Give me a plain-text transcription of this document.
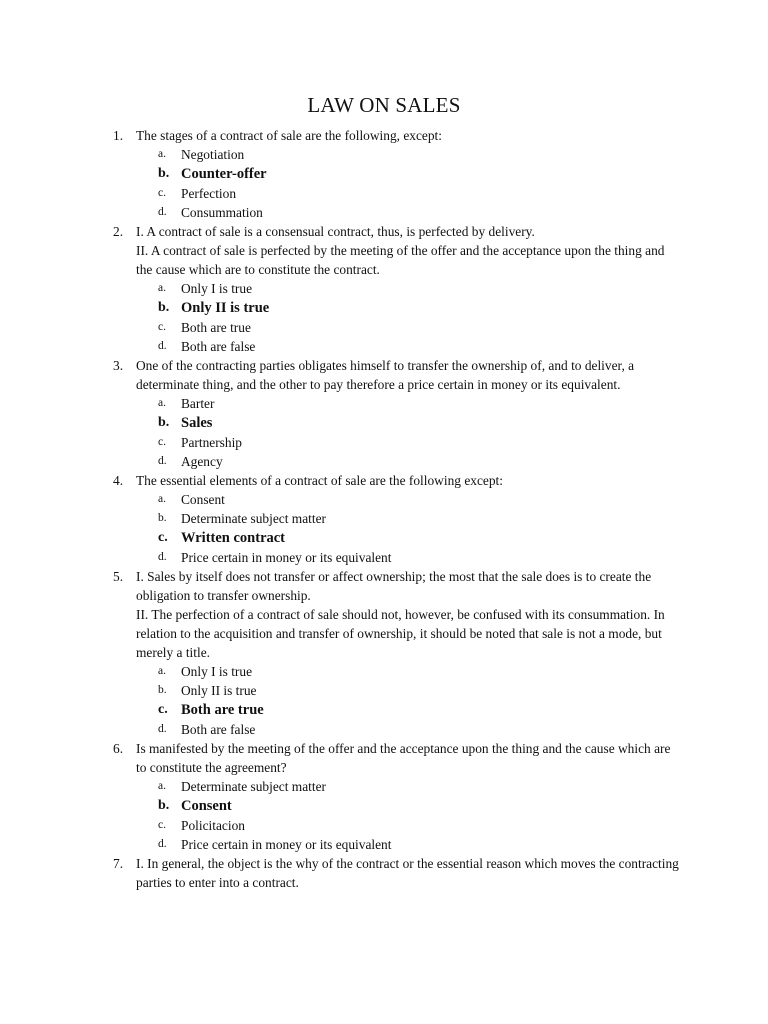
LAW ON SALES
1. The stages of a contract of sale are the following, except:
a. Negotiation
b. Counter-offer
c. Perfection
d. Consummation
2. I. A contract of sale is a consensual contract, thus, is perfected by delivery.
II. A contract of sale is perfected by the meeting of the offer and the acceptance upon the thing and the cause which are to constitute the contract.
a. Only I is true
b. Only II is true
c. Both are true
d. Both are false
3. One of the contracting parties obligates himself to transfer the ownership of, and to deliver, a determinate thing, and the other to pay therefore a price certain in money or its equivalent.
a. Barter
b. Sales
c. Partnership
d. Agency
4. The essential elements of a contract of sale are the following except:
a. Consent
b. Determinate subject matter
c. Written contract
d. Price certain in money or its equivalent
5. I. Sales by itself does not transfer or affect ownership; the most that the sale does is to create the obligation to transfer ownership.
II. The perfection of a contract of sale should not, however, be confused with its consummation. In relation to the acquisition and transfer of ownership, it should be noted that sale is not a mode, but merely a title.
a. Only I is true
b. Only II is true
c. Both are true
d. Both are false
6. Is manifested by the meeting of the offer and the acceptance upon the thing and the cause which are to constitute the agreement?
a. Determinate subject matter
b. Consent
c. Policitacion
d. Price certain in money or its equivalent
7. I. In general, the object is the why of the contract or the essential reason which moves the contracting parties to enter into a contract.
